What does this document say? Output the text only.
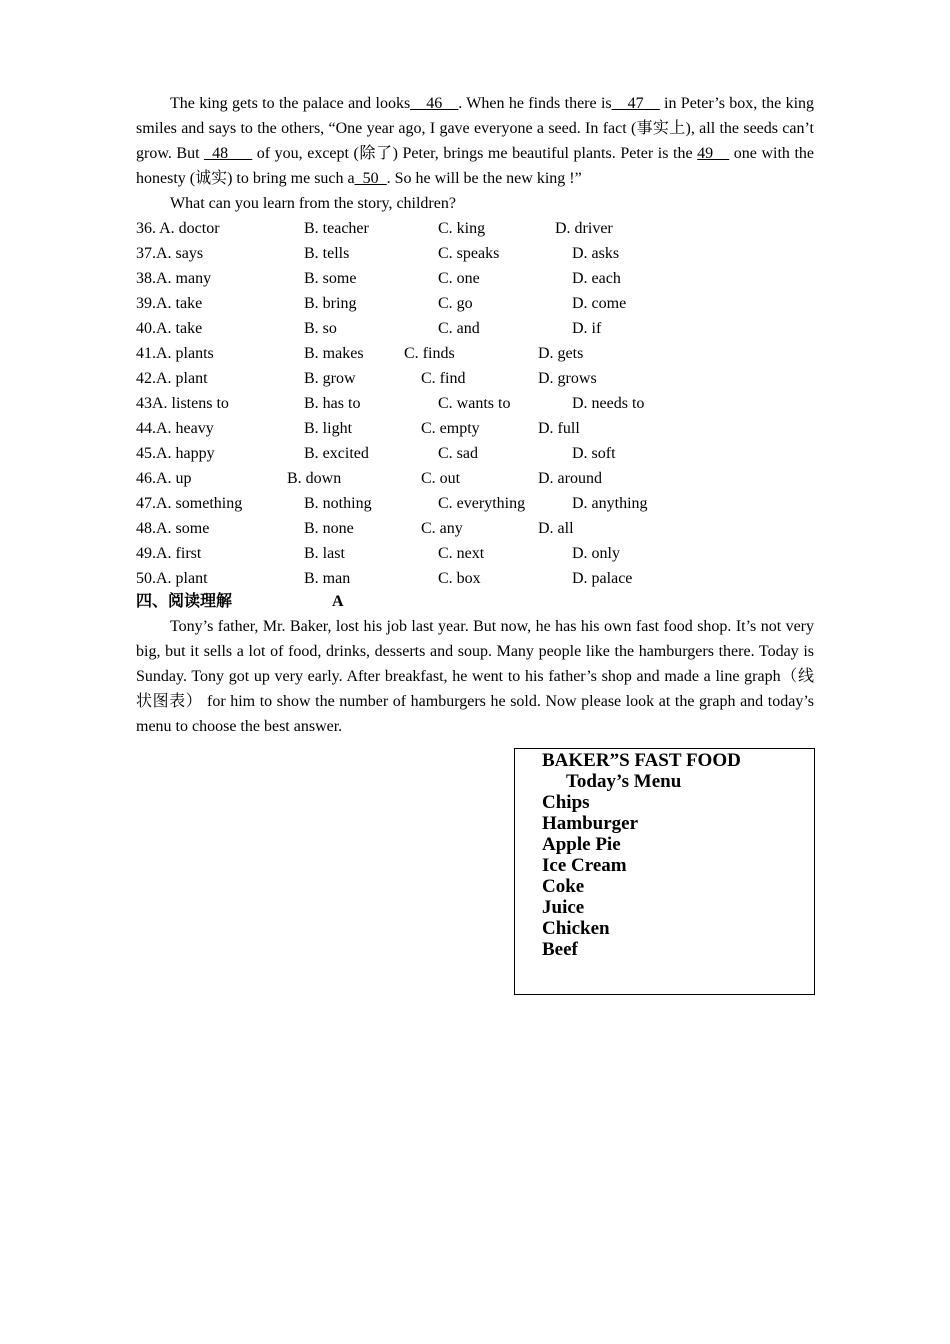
The king gets to the palace and looks__46__. When he finds there is__47__ in Peter’s box, the king smiles and says to the others, “One year ago, I gave everyone a seed. In fact (事实上), all the seeds can’t grow. But _48___ of you, except (除了) Peter, brings me beautiful plants. Peter is the 49__ one with the honesty (诚实) to bring me such a_50_. So he will be the new king !”
What can you learn from the story, children?
36. A. doctor	B. teacher	C. king	D. driver
37.A. says	B. tells	C. speaks	D. asks
38.A. many	B. some	C. one	D. each
39.A. take	B. bring	C. go	D. come
40.A. take	B. so	C. and	D. if
41.A. plants	B. makes	C. finds	D. gets
42.A. plant	B. grow	C. find	D. grows
43A. listens to	B. has to	C. wants to	D. needs to
44.A. heavy	B. light	C. empty	D. full
45.A. happy	B. excited	C. sad	D. soft
46.A. up	B. down	C. out	D. around
47.A. something	B. nothing	C. everything	D. anything
48.A. some	B. none	C. any	D. all
49.A. first	B. last	C. next	D. only
50.A. plant	B. man	C. box	D. palace
四、阅读理解	A
Tony’s father, Mr. Baker, lost his job last year. But now, he has his own fast food shop. It’s not very big, but it sells a lot of food, drinks, desserts and soup. Many people like the hamburgers there. Today is Sunday. Tony got up very early. After breakfast, he went to his father’s shop and made a line graph（线状图表） for him to show the number of hamburgers he sold. Now please look at the graph and today’s menu to choose the best answer.
BAKER”S FAST FOOD
Today’s Menu
Chips
Hamburger
Apple Pie
Ice Cream
Coke
Juice
Chicken
Beef
